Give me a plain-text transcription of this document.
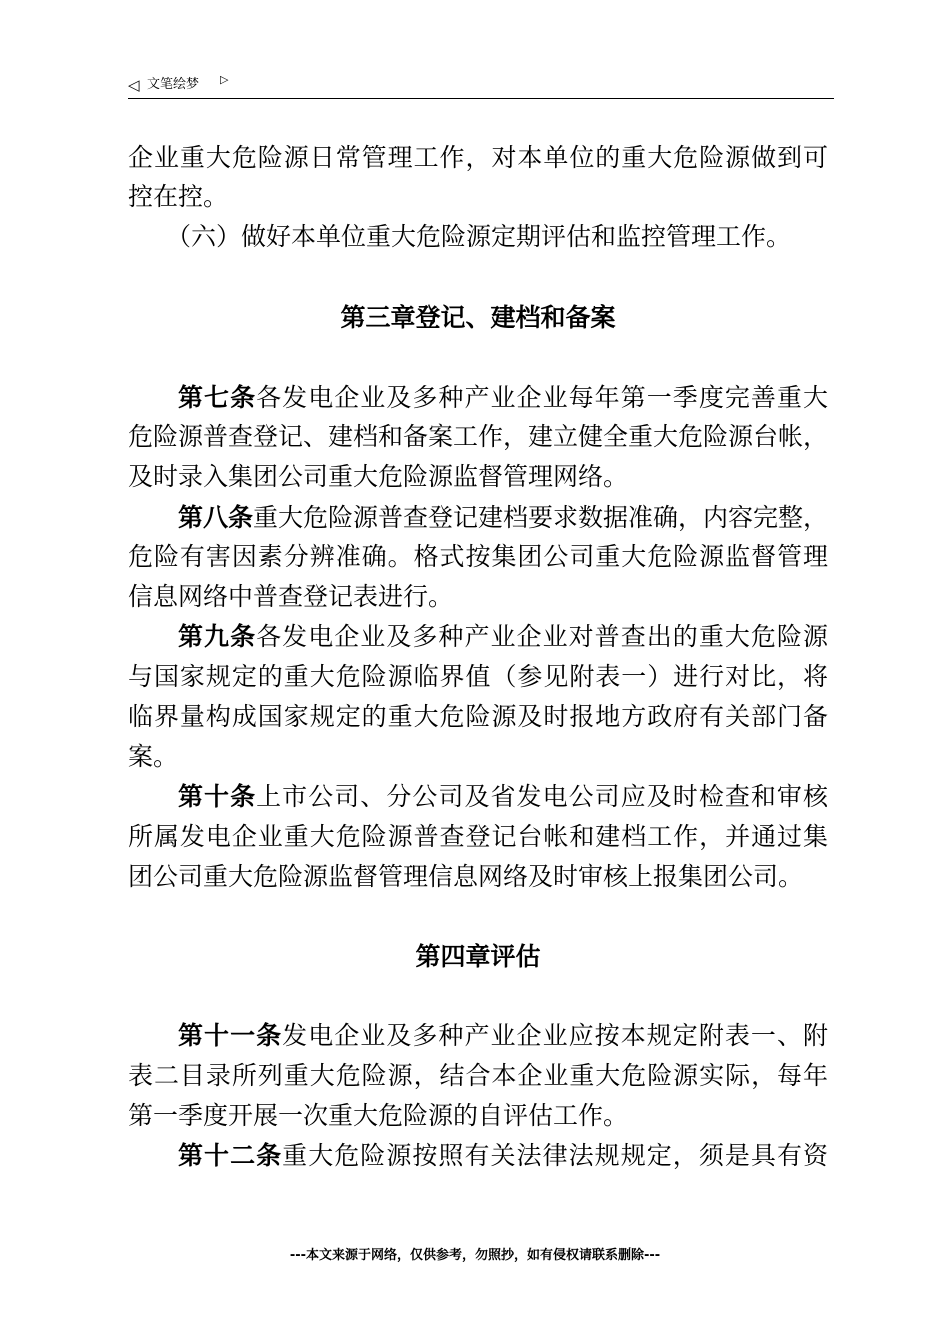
◁ 文笔绘梦 ▷
企业重大危险源日常管理工作，对本单位的重大危险源做到可
控在控。
（六）做好本单位重大危险源定期评估和监控管理工作。
第三章登记、建档和备案
第七条各发电企业及多种产业企业每年第一季度完善重大
危险源普查登记、建档和备案工作，建立健全重大危险源台帐，
及时录入集团公司重大危险源监督管理网络。
第八条重大危险源普查登记建档要求数据准确，内容完整，
危险有害因素分辨准确。格式按集团公司重大危险源监督管理
信息网络中普查登记表进行。
第九条各发电企业及多种产业企业对普查出的重大危险源
与国家规定的重大危险源临界值（参见附表一）进行对比，将
临界量构成国家规定的重大危险源及时报地方政府有关部门备
案。
第十条上市公司、分公司及省发电公司应及时检查和审核
所属发电企业重大危险源普查登记台帐和建档工作，并通过集
团公司重大危险源监督管理信息网络及时审核上报集团公司。
第四章评估
第十一条发电企业及多种产业企业应按本规定附表一、附
表二目录所列重大危险源，结合本企业重大危险源实际，每年
第一季度开展一次重大危险源的自评估工作。
第十二条重大危险源按照有关法律法规规定，须是具有资
---本文来源于网络，仅供参考，勿照抄，如有侵权请联系删除---
